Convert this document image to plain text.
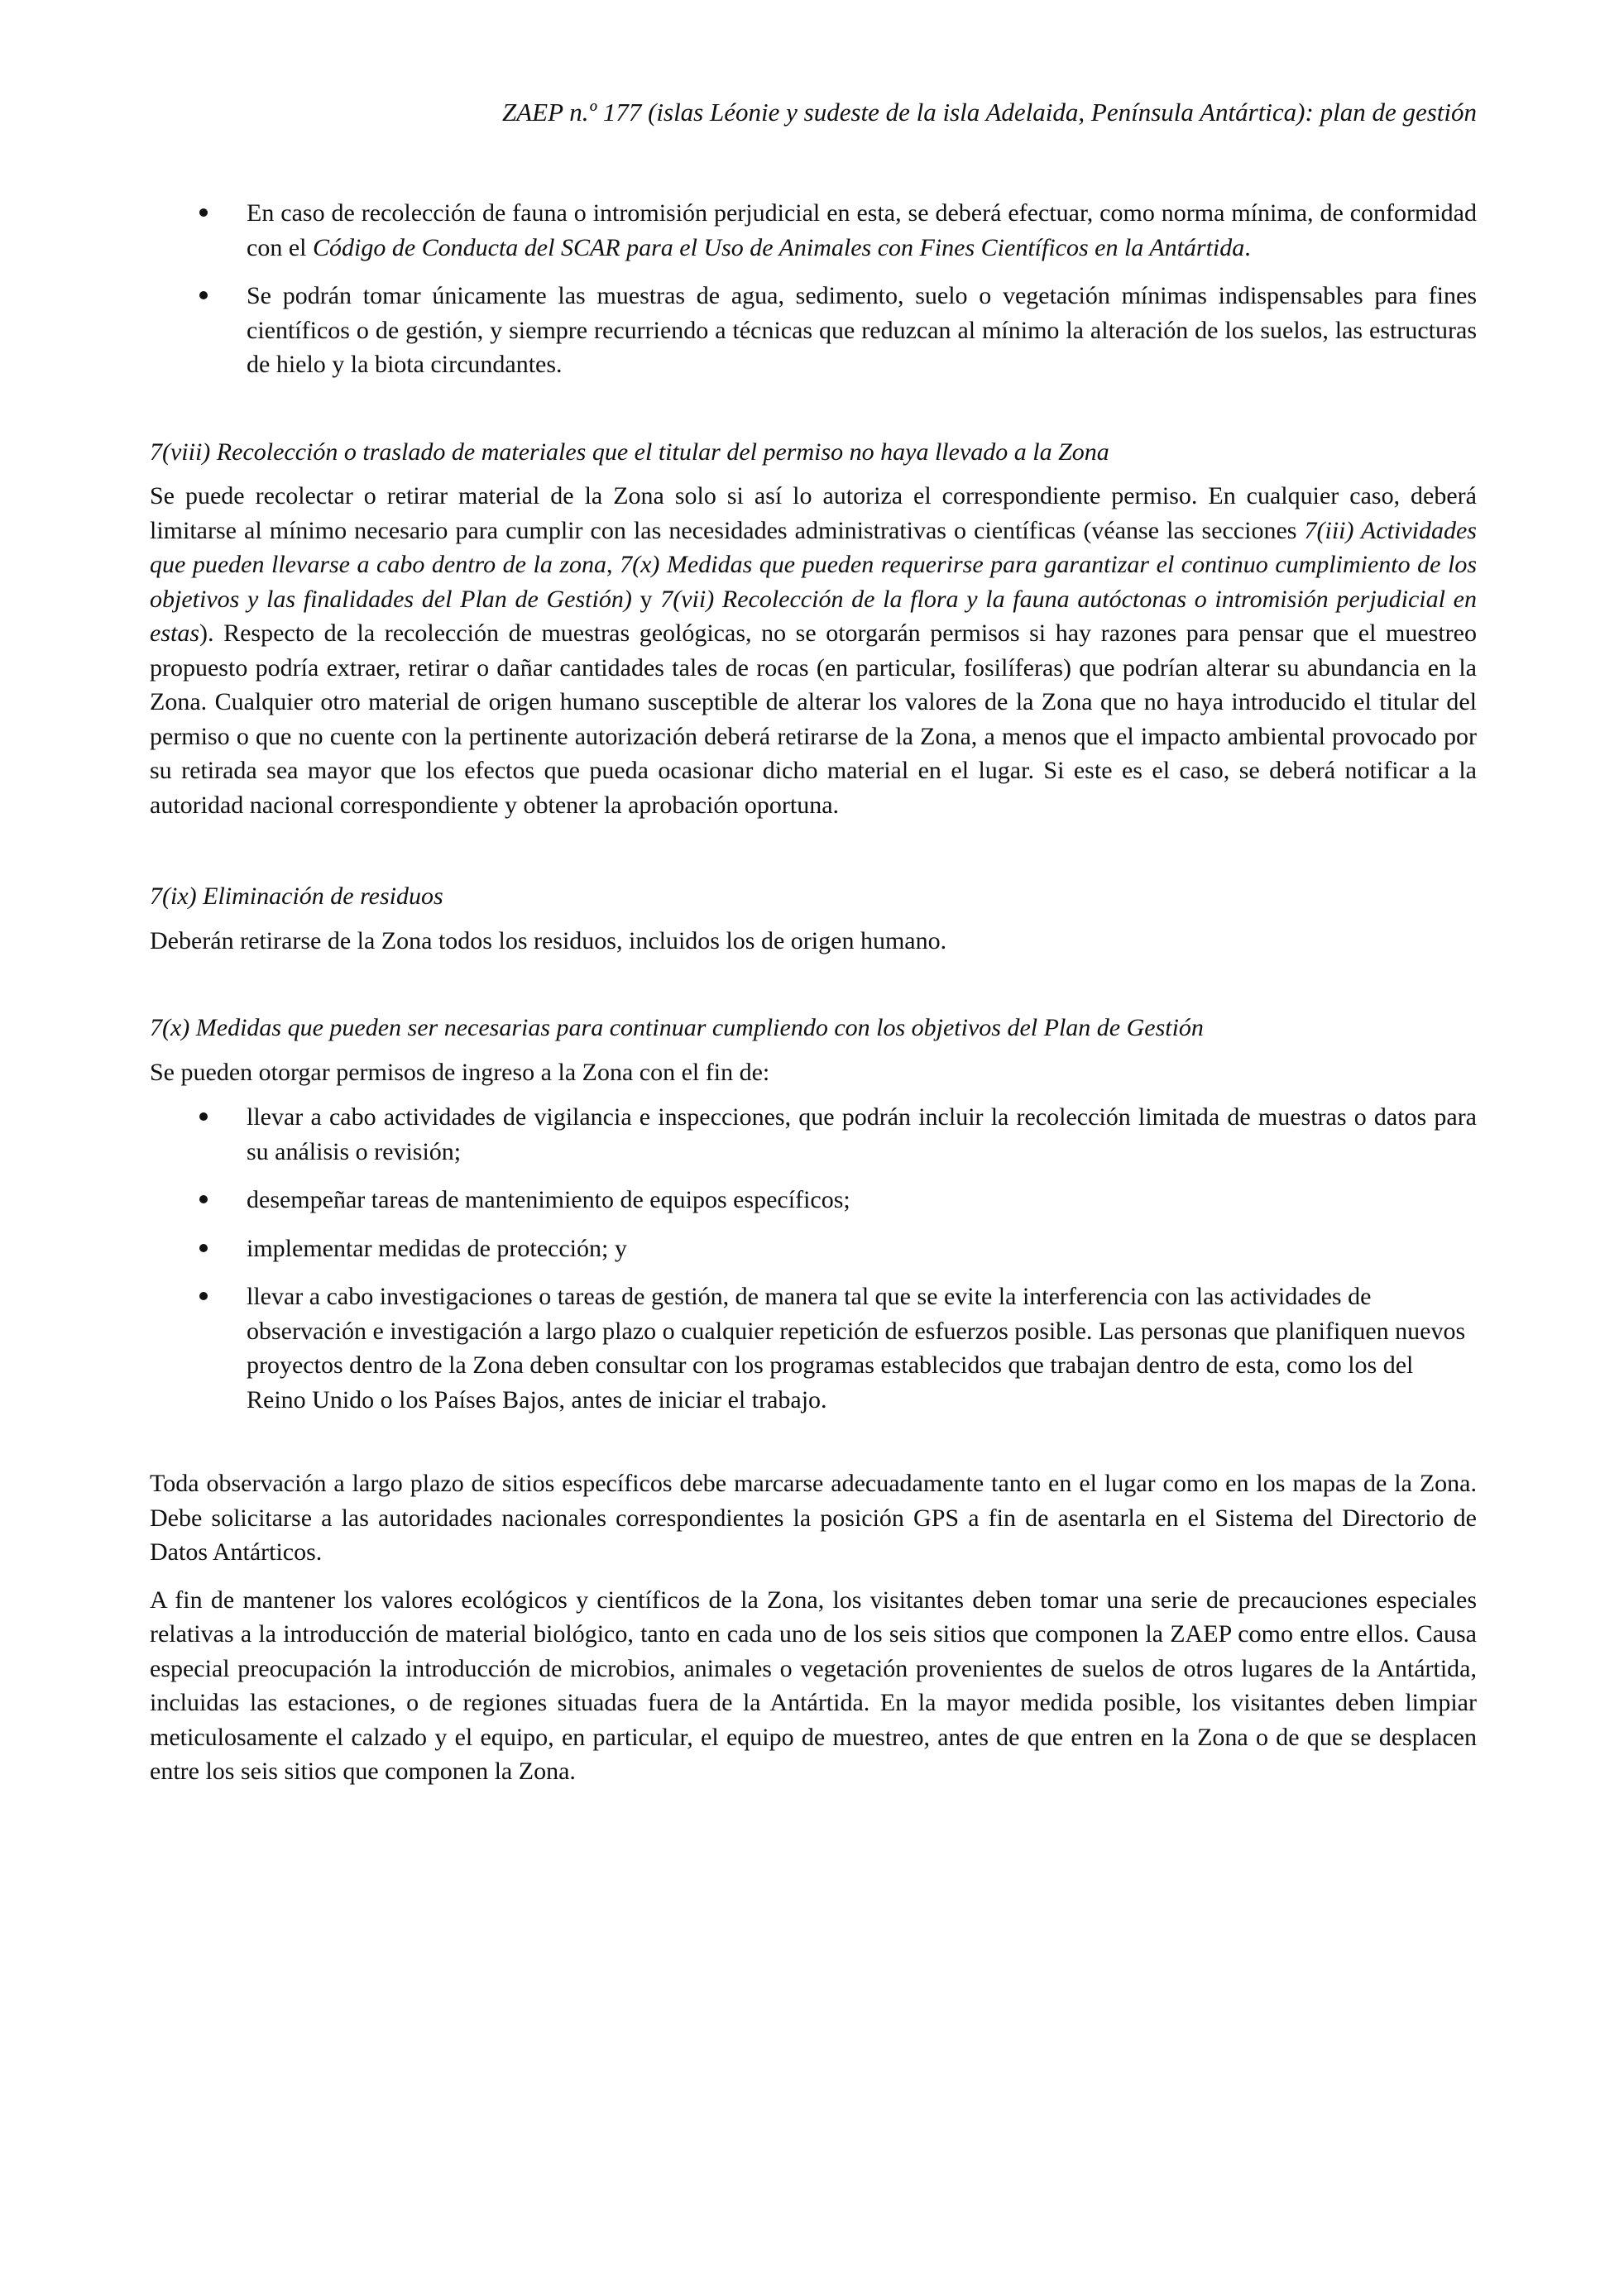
ZAEP n.º 177 (islas Léonie y sudeste de la isla Adelaida, Península Antártica): plan de gestión
En caso de recolección de fauna o intromisión perjudicial en esta, se deberá efectuar, como norma mínima, de conformidad con el Código de Conducta del SCAR para el Uso de Animales con Fines Científicos en la Antártida.
Se podrán tomar únicamente las muestras de agua, sedimento, suelo o vegetación mínimas indispensables para fines científicos o de gestión, y siempre recurriendo a técnicas que reduzcan al mínimo la alteración de los suelos, las estructuras de hielo y la biota circundantes.

7(viii) Recolección o traslado de materiales que el titular del permiso no haya llevado a la Zona

Se puede recolectar o retirar material de la Zona solo si así lo autoriza el correspondiente permiso. En cualquier caso, deberá limitarse al mínimo necesario para cumplir con las necesidades administrativas o científicas (véanse las secciones 7(iii) Actividades que pueden llevarse a cabo dentro de la zona, 7(x) Medidas que pueden requerirse para garantizar el continuo cumplimiento de los objetivos y las finalidades del Plan de Gestión) y 7(vii) Recolección de la flora y la fauna autóctonas o intromisión perjudicial en estas). Respecto de la recolección de muestras geológicas, no se otorgarán permisos si hay razones para pensar que el muestreo propuesto podría extraer, retirar o dañar cantidades tales de rocas (en particular, fosilíferas) que podrían alterar su abundancia en la Zona. Cualquier otro material de origen humano susceptible de alterar los valores de la Zona que no haya introducido el titular del permiso o que no cuente con la pertinente autorización deberá retirarse de la Zona, a menos que el impacto ambiental provocado por su retirada sea mayor que los efectos que pueda ocasionar dicho material en el lugar. Si este es el caso, se deberá notificar a la autoridad nacional correspondiente y obtener la aprobación oportuna.

7(ix) Eliminación de residuos

Deberán retirarse de la Zona todos los residuos, incluidos los de origen humano.

7(x) Medidas que pueden ser necesarias para continuar cumpliendo con los objetivos del Plan de Gestión

Se pueden otorgar permisos de ingreso a la Zona con el fin de:

llevar a cabo actividades de vigilancia e inspecciones, que podrán incluir la recolección limitada de muestras o datos para su análisis o revisión;
desempeñar tareas de mantenimiento de equipos específicos;
implementar medidas de protección; y
llevar a cabo investigaciones o tareas de gestión, de manera tal que se evite la interferencia con las actividades de observación e investigación a largo plazo o cualquier repetición de esfuerzos posible. Las personas que planifiquen nuevos proyectos dentro de la Zona deben consultar con los programas establecidos que trabajan dentro de esta, como los del Reino Unido o los Países Bajos, antes de iniciar el trabajo.

Toda observación a largo plazo de sitios específicos debe marcarse adecuadamente tanto en el lugar como en los mapas de la Zona. Debe solicitarse a las autoridades nacionales correspondientes la posición GPS a fin de asentarla en el Sistema del Directorio de Datos Antárticos.

A fin de mantener los valores ecológicos y científicos de la Zona, los visitantes deben tomar una serie de precauciones especiales relativas a la introducción de material biológico, tanto en cada uno de los seis sitios que componen la ZAEP como entre ellos. Causa especial preocupación la introducción de microbios, animales o vegetación provenientes de suelos de otros lugares de la Antártida, incluidas las estaciones, o de regiones situadas fuera de la Antártida. En la mayor medida posible, los visitantes deben limpiar meticulosamente el calzado y el equipo, en particular, el equipo de muestreo, antes de que entren en la Zona o de que se desplacen entre los seis sitios que componen la Zona.
